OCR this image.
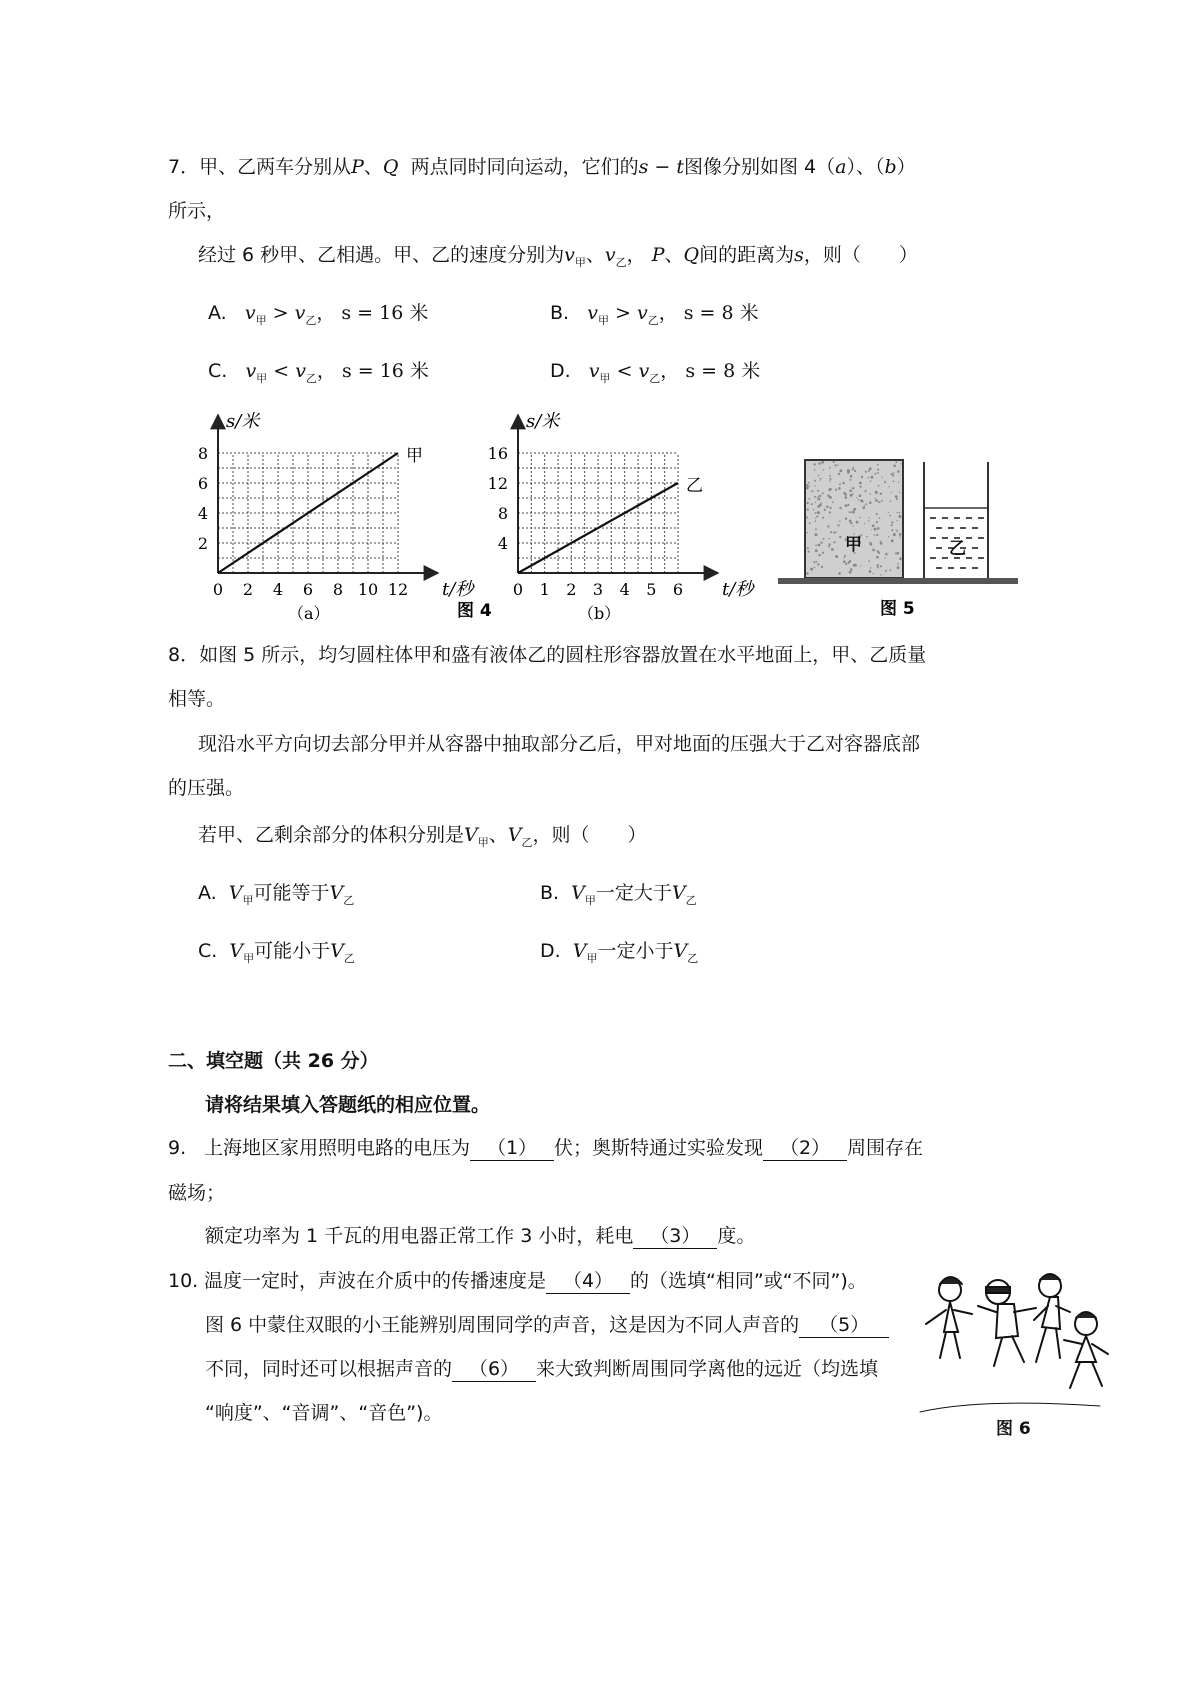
7．甲、乙两车分别从P、Q 两点同时同向运动，它们的s − t图像分别如图 4（a）、（b）
所示，
经过 6 秒甲、乙相遇。甲、乙的速度分别为$v_甲$、$v_乙$， P、Q间的距离为s，则（　　）
A. $v_甲 > v_乙$， s = 16 米	B. $v_甲 > v_乙$， s = 8 米
C. $v_甲 < v_乙$， s = 16 米	D. $v_甲 < v_乙$， s = 8 米
0 2 4 6 8 10 12
2
4
6
8	甲
s/米
t/秒
（a）
0 1 2 3 4 5 6
4
8
12
16
乙
s/米
t/秒
（b）
图 4
甲	乙
图 5
8．如图 5 所示，均匀圆柱体甲和盛有液体乙的圆柱形容器放置在水平地面上，甲、乙质量
相等。
现沿水平方向切去部分甲并从容器中抽取部分乙后，甲对地面的压强大于乙对容器底部
的压强。
若甲、乙剩余部分的体积分别是$V_甲$、$V_乙$，则（　　）
A. $V_甲$可能等于$V_乙$	B. $V_甲$一定大于$V_乙$
C. $V_甲$可能小于$V_乙$	D. $V_甲$一定小于$V_乙$
二、填空题（共 26 分）
请将结果填入答题纸的相应位置。
9. 上海地区家用照明电路的电压为 （1） 伏；奥斯特通过实验发现 （2） 周围存在
磁场；
额定功率为 1 千瓦的用电器正常工作 3 小时，耗电 （3） 度。
10. 温度一定时，声波在介质中的传播速度是 （4） 的（选填“相同”或“不同”)。
图 6 中蒙住双眼的小王能辨别周围同学的声音，这是因为不同人声音的 （5）
不同，同时还可以根据声音的 （6） 来大致判断周围同学离他的远近（均选填
“响度”、“音调”、“音色”)。
图 6
